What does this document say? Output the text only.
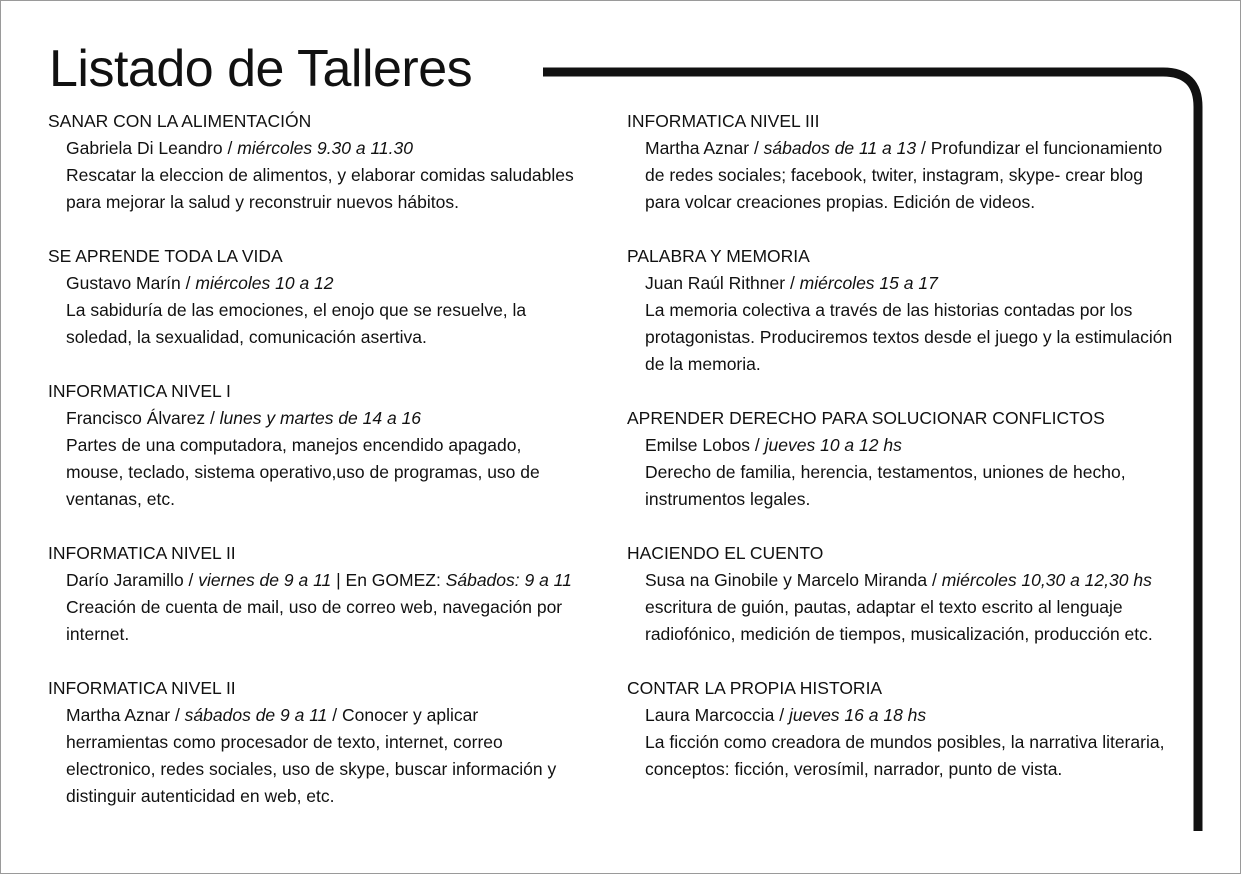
Listado de Talleres
SANAR CON LA ALIMENTACIÓN
Gabriela Di Leandro / miércoles 9.30 a 11.30
Rescatar la eleccion de alimentos, y elaborar comidas saludables
para mejorar la salud y reconstruir nuevos hábitos.
SE APRENDE TODA LA VIDA
Gustavo Marín / miércoles 10 a 12
La sabiduría de las emociones, el enojo que se resuelve, la
soledad, la sexualidad, comunicación asertiva.
INFORMATICA NIVEL I
Francisco Álvarez / lunes y martes de 14 a 16
Partes de una computadora, manejos encendido apagado,
mouse, teclado, sistema operativo,uso de programas, uso de
ventanas, etc.
INFORMATICA NIVEL II
Darío Jaramillo / viernes de 9 a 11 | En GOMEZ: Sábados: 9 a 11
Creación de cuenta de mail, uso de correo web, navegación por
internet.
INFORMATICA NIVEL II
Martha Aznar / sábados de 9 a 11 / Conocer y aplicar
herramientas como procesador de texto, internet, correo
electronico, redes sociales, uso de skype, buscar información y
distinguir autenticidad en web, etc.
INFORMATICA NIVEL III
Martha Aznar / sábados de 11 a 13 / Profundizar el funcionamiento
de redes sociales; facebook, twiter, instagram, skype- crear blog
para volcar creaciones propias. Edición de videos.
PALABRA Y MEMORIA
Juan Raúl Rithner / miércoles 15 a 17
La memoria colectiva a través de las historias contadas por los
protagonistas. Produciremos textos desde el juego y la estimulación
de la memoria.
APRENDER DERECHO PARA SOLUCIONAR CONFLICTOS
Emilse Lobos / jueves 10 a 12 hs
Derecho de familia, herencia, testamentos, uniones de hecho,
instrumentos legales.
HACIENDO EL CUENTO
Susa na Ginobile y Marcelo Miranda / miércoles 10,30 a 12,30 hs
escritura de guión, pautas, adaptar el texto escrito al lenguaje
radiofónico, medición de tiempos, musicalización, producción etc.
CONTAR LA PROPIA HISTORIA
Laura Marcoccia / jueves 16 a 18 hs
La ficción como creadora de mundos posibles, la narrativa literaria,
conceptos: ficción, verosímil, narrador, punto de vista.
